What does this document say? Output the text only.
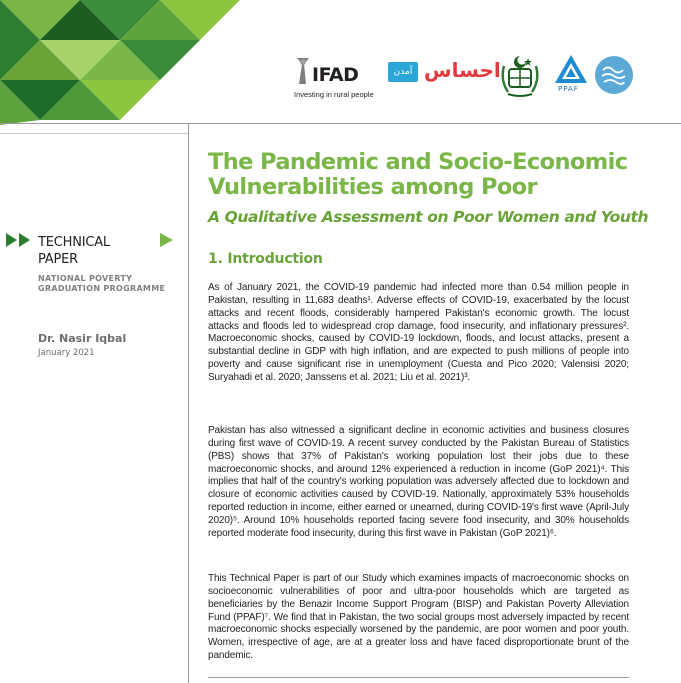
IFAD
Investing in rural people
آمدن احساس
PPAF
The Pandemic and Socio-Economic Vulnerabilities among Poor
A Qualitative Assessment on Poor Women and Youth

TECHNICAL
PAPER

NATIONAL POVERTY
GRADUATION PROGRAMME

Dr. Nasir Iqbal

January 2021

1. Introduction

As of January 2021, the COVID-19 pandemic had infected more than 0.54 million people in Pakistan, resulting in 11,683 deaths¹. Adverse effects of COVID-19, exacerbated by the locust attacks and recent floods, considerably hampered Pakistan's economic growth. The locust attacks and floods led to widespread crop damage, food insecurity, and inflationary pressures². Macroeconomic shocks, caused by COVID-19 lockdown, floods, and locust attacks, present a substantial decline in GDP with high inflation, and are expected to push millions of people into poverty and cause significant rise in unemployment (Cuesta and Pico 2020; Valensisi 2020; Suryahadi et al. 2020; Janssens et al. 2021; Liu et al. 2021)³.

Pakistan has also witnessed a significant decline in economic activities and business closures during first wave of COVID-19. A recent survey conducted by the Pakistan Bureau of Statistics (PBS) shows that 37% of Pakistan's working population lost their jobs due to these macroeconomic shocks, and around 12% experienced a reduction in income (GoP 2021)⁴. This implies that half of the country's working population was adversely affected due to lockdown and closure of economic activities caused by COVID-19. Nationally, approximately 53% households reported reduction in income, either earned or unearned, during COVID-19's first wave (April-July 2020)⁵. Around 10% households reported facing severe food insecurity, and 30% households reported moderate food insecurity, during this first wave in Pakistan (GoP 2021)⁶.

This Technical Paper is part of our Study which examines impacts of macroeconomic shocks on socioeconomic vulnerabilities of poor and ultra-poor households which are targeted as beneficiaries by the Benazir Income Support Program (BISP) and Pakistan Poverty Alleviation Fund (PPAF)⁷. We find that in Pakistan, the two social groups most adversely impacted by recent macroeconomic shocks especially worsened by the pandemic, are poor women and poor youth. Women, irrespective of age, are at a greater loss and have faced disproportionate brunt of the pandemic.
